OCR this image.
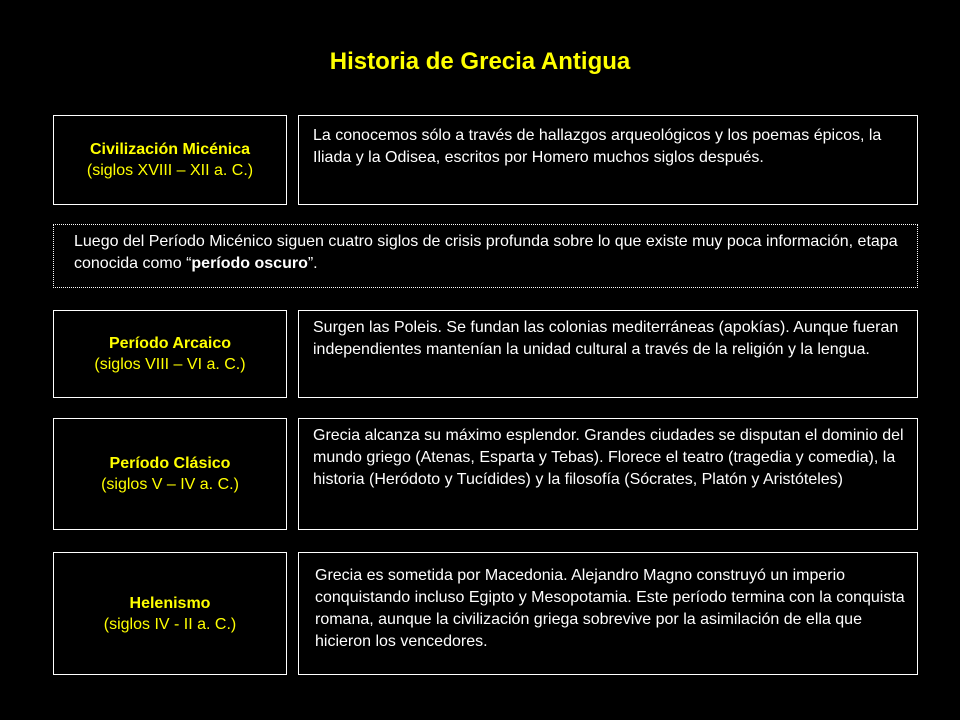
Historia de Grecia Antigua
Civilización Micénica
(siglos XVIII – XII a. C.)
La conocemos sólo a través de hallazgos arqueológicos y los poemas épicos, la Iliada y la Odisea, escritos por Homero muchos siglos después.
Luego del Período Micénico siguen cuatro siglos de crisis profunda sobre lo que existe muy poca información, etapa conocida como “período oscuro”.
Período Arcaico
(siglos VIII – VI a. C.)
Surgen las Poleis. Se fundan las colonias mediterráneas (apokías). Aunque fueran independientes mantenían la unidad cultural a través de la religión y la lengua.
Período Clásico
(siglos V – IV a. C.)
Grecia alcanza su máximo esplendor. Grandes ciudades se disputan el dominio del mundo griego (Atenas, Esparta y Tebas). Florece el teatro (tragedia y comedia), la historia (Heródoto y Tucídides) y la filosofía (Sócrates, Platón y Aristóteles)
Helenismo
(siglos IV - II a. C.)
Grecia es sometida por Macedonia. Alejandro Magno construyó un imperio conquistando incluso Egipto y Mesopotamia. Este período termina con la conquista romana, aunque la civilización griega sobrevive por la asimilación de ella que hicieron los vencedores.
